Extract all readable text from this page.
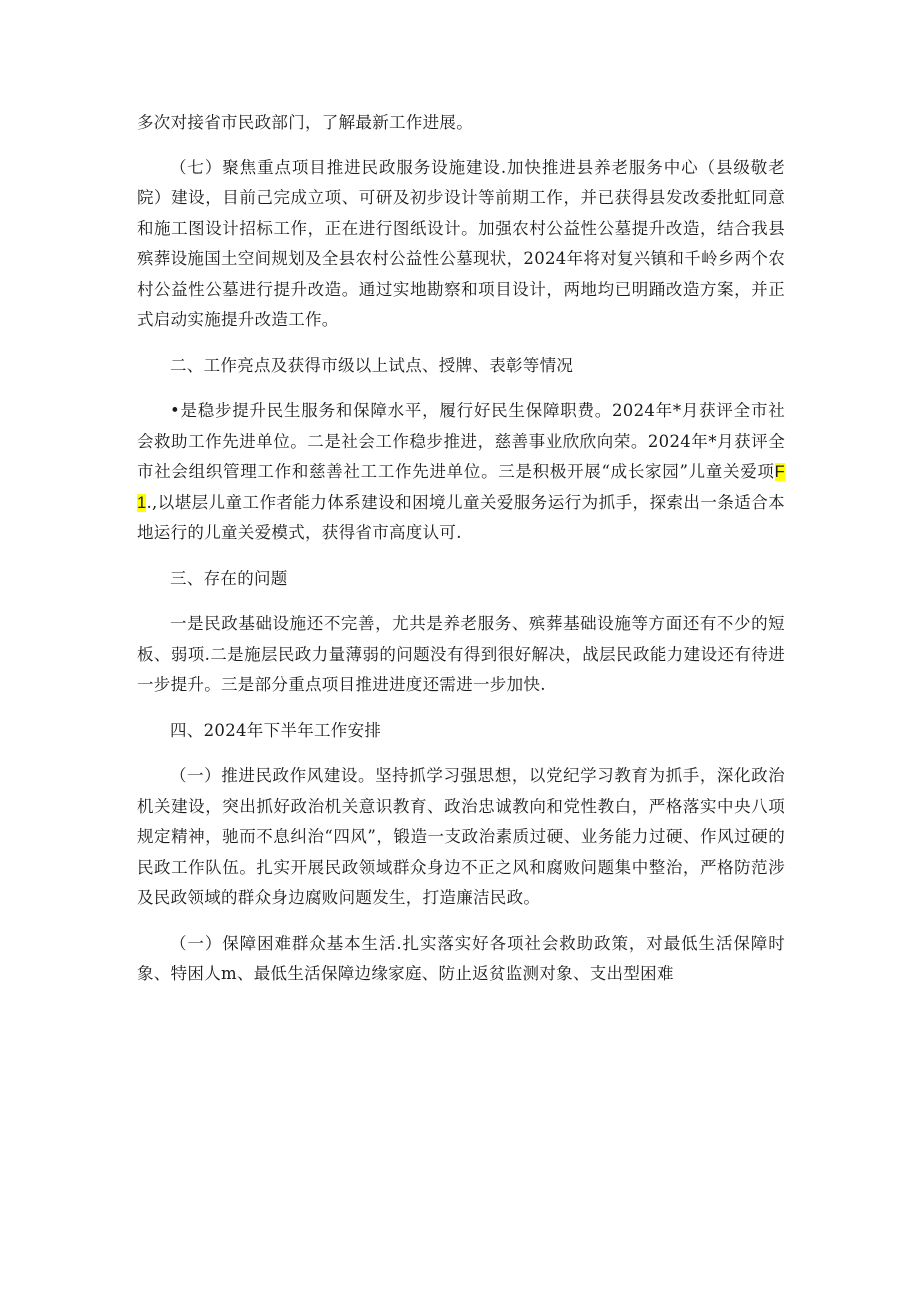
多次对接省市民政部门，了解最新工作进展。

（七）聚焦重点项目推进民政服务设施建设.加快推进县养老服务中心（县级敬老院）建设，目前己完成立项、可研及初步设计等前期工作，并已获得县发改委批虹同意和施工图设计招标工作，正在进行图纸设计。加强农村公益性公墓提升改造，结合我县殡葬设施国土空间规划及全县农村公益性公墓现状，2024年将对复兴镇和千岭乡两个农村公益性公墓进行提升改造。通过实地勘察和项目设计，两地均已明踊改造方案，并正式启动实施提升改造工作。

二、工作亮点及获得市级以上试点、授牌、表彰等情况

•是稳步提升民生服务和保障水平，履行好民生保障职费。2024年*月获评全市社会救助工作先进单位。二是社会工作稳步推进，慈善事业欣欣向荣。2024年*月获评全市社会组织管理工作和慈善社工工作先进单位。三是积极开展“成长家园”儿童关爱项F1.,以堪层儿童工作者能力体系建设和困境儿童关爱服务运行为抓手，探索出一条适合本地运行的儿童关爱模式，获得省市高度认可.

三、存在的问题

一是民政基础设施还不完善，尤共是养老服务、殡葬基础设施等方面还有不少的短板、弱项.二是施层民政力量薄弱的问题没有得到很好解决，战层民政能力建设还有待进一步提升。三是部分重点项目推进进度还需进一步加快.

四、2024年下半年工作安排

（一）推进民政作风建设。坚持抓学习强思想，以党纪学习教育为抓手，深化政治机关建设，突出抓好政治机关意识教育、政治忠诚教向和党性教白，严格落实中央八项规定精神，驰而不息纠治“四风”，锻造一支政治素质过硬、业务能力过硬、作风过硬的民政工作队伍。扎实开展民政领域群众身边不正之风和腐败问题集中整治，严格防范涉及民政领域的群众身边腐败问题发生，打造廉洁民政。

（一）保障困难群众基本生活.扎实落实好各项社会救助政策，对最低生活保障时象、特困人m、最低生活保障边缘家庭、防止返贫监测对象、支出型困难
